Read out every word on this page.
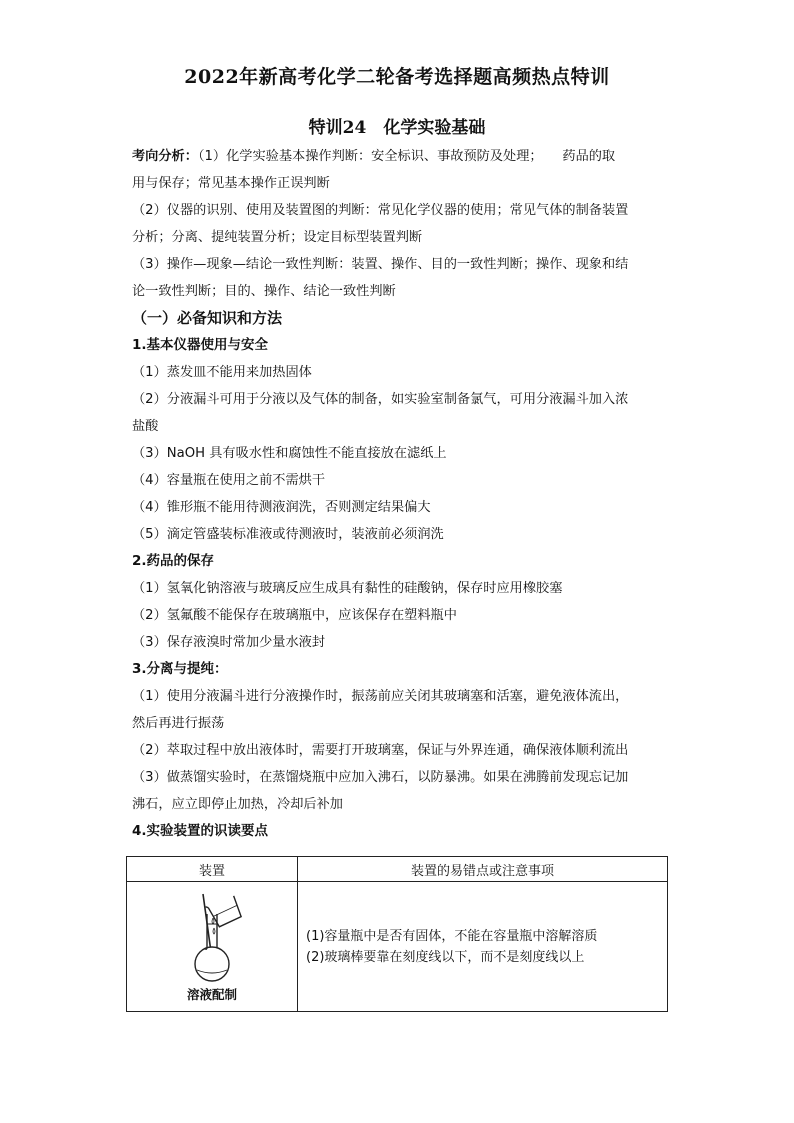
2022年新高考化学二轮备考选择题高频热点特训
特训24　化学实验基础
考向分析：（1）化学实验基本操作判断：安全标识、事故预防及处理；　　药品的取
用与保存；常见基本操作正误判断
（2）仪器的识别、使用及装置图的判断：常见化学仪器的使用；常见气体的制备装置
分析；分离、提纯装置分析；设定目标型装置判断
（3）操作—现象—结论一致性判断：装置、操作、目的一致性判断；操作、现象和结
论一致性判断；目的、操作、结论一致性判断
（一）必备知识和方法
1.基本仪器使用与安全
（1）蒸发皿不能用来加热固体
（2）分液漏斗可用于分液以及气体的制备，如实验室制备氯气，可用分液漏斗加入浓
盐酸
（3）NaOH 具有吸水性和腐蚀性不能直接放在滤纸上
（4）容量瓶在使用之前不需烘干
（4）锥形瓶不能用待测液润洗，否则测定结果偏大
（5）滴定管盛装标准液或待测液时，装液前必须润洗
2.药品的保存
（1）氢氧化钠溶液与玻璃反应生成具有黏性的硅酸钠，保存时应用橡胶塞
（2）氢氟酸不能保存在玻璃瓶中，应该保存在塑料瓶中
（3）保存液溴时常加少量水液封
3.分离与提纯：
（1）使用分液漏斗进行分液操作时，振荡前应关闭其玻璃塞和活塞，避免液体流出，
然后再进行振荡
（2）萃取过程中放出液体时，需要打开玻璃塞，保证与外界连通，确保液体顺利流出
（3）做蒸馏实验时，在蒸馏烧瓶中应加入沸石，以防暴沸。如果在沸腾前发现忘记加
沸石，应立即停止加热，冷却后补加
4.实验装置的识读要点
装置	装置的易错点或注意事项

溶液配制	(1)容量瓶中是否有固体，不能在容量瓶中溶解溶质
(2)玻璃棒要靠在刻度线以下，而不是刻度线以上
